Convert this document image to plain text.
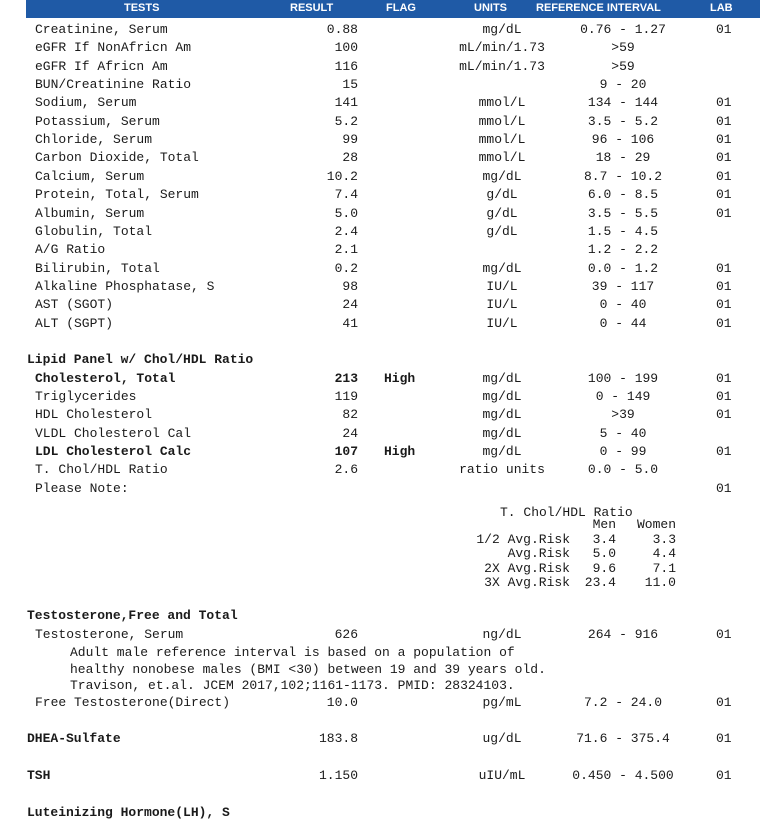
TESTS	RESULT	FLAG	UNITS	REFERENCE INTERVAL	LAB
Creatinine, Serum	0.88	mg/dL	0.76 - 1.27	01
eGFR If NonAfricn Am	100	mL/min/1.73	>59
eGFR If Africn Am	116	mL/min/1.73	>59
BUN/Creatinine Ratio	15	9 - 20
Sodium, Serum	141	mmol/L	134 - 144	01
Potassium, Serum	5.2	mmol/L	3.5 - 5.2	01
Chloride, Serum	99	mmol/L	96 - 106	01
Carbon Dioxide, Total	28	mmol/L	18 - 29	01
Calcium, Serum	10.2	mg/dL	8.7 - 10.2	01
Protein, Total, Serum	7.4	g/dL	6.0 - 8.5	01
Albumin, Serum	5.0	g/dL	3.5 - 5.5	01
Globulin, Total	2.4	g/dL	1.5 - 4.5
A/G Ratio	2.1	1.2 - 2.2
Bilirubin, Total	0.2	mg/dL	0.0 - 1.2	01
Alkaline Phosphatase, S	98	IU/L	39 - 117	01
AST (SGOT)	24	IU/L	0 - 40	01
ALT (SGPT)	41	IU/L	0 - 44	01
Lipid Panel w/ Chol/HDL Ratio
Cholesterol, Total	213 High	mg/dL	100 - 199	01
Triglycerides	119	mg/dL	0 - 149	01
HDL Cholesterol	82	mg/dL	>39	01
VLDL Cholesterol Cal	24	mg/dL	5 - 40
LDL Cholesterol Calc	107 High	mg/dL	0 - 99	01
T. Chol/HDL Ratio	2.6	ratio units	0.0 - 5.0
Please Note:	01
T. Chol/HDL Ratio
Men Women
1/2 Avg.Risk 3.4	3.3
Avg.Risk 5.0	4.4
2X Avg.Risk 9.6	7.1
3X Avg.Risk 23.4 11.0
Testosterone,Free and Total
Testosterone, Serum	626	ng/dL	264 - 916	01
Adult male reference interval is based on a population of
healthy nonobese males (BMI <30) between 19 and 39 years old.
Travison, et.al. JCEM 2017,102;1161-1173. PMID: 28324103.
Free Testosterone(Direct)	10.0	pg/mL	7.2 - 24.0	01
DHEA-Sulfate	183.8	ug/dL	71.6 - 375.4	01
TSH	1.150	uIU/mL	0.450 - 4.500	01
Luteinizing Hormone(LH), S
